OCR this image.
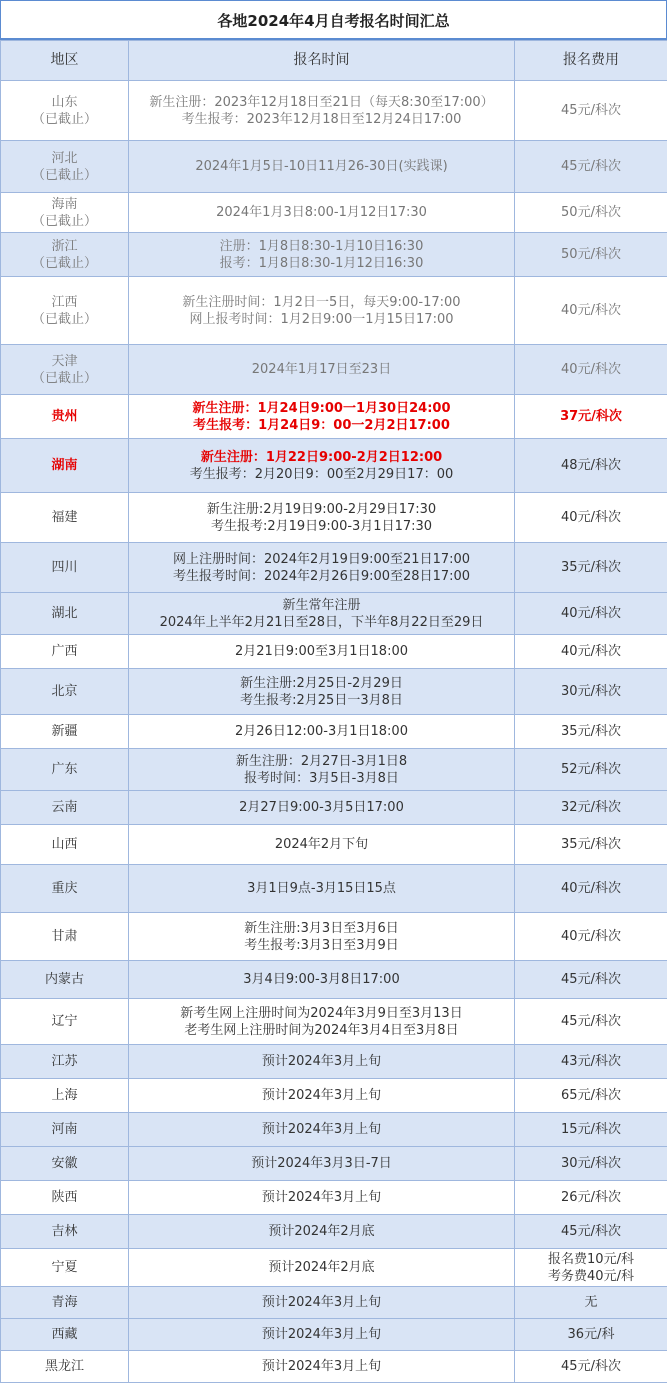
各地2024年4月自考报名时间汇总
地区	报名时间	报名费用

山东
（已截止）	新生注册：2023年12月18日至21日（每天8:30至17:00）
考生报考：2023年12月18日至12月24日17:00	45元/科次

河北
（已截止）	2024年1月5日-10日11月26-30日(实践课)	45元/科次

海南
（已截止）	2024年1月3日8:00-1月12日17:30	50元/科次

浙江
（已截止）	注册：1月8日8:30-1月10日16:30
报考：1月8日8:30-1月12日16:30	50元/科次

江西
（已截止）	新生注册时间：1月2日一5日，每天9:00-17:00
网上报考时间：1月2日9:00一1月15日17:00	40元/科次

天津
（已截止）	2024年1月17日至23日	40元/科次
贵州	新生注册：1月24日9:00一1月30日24:00
考生报考：1月24日9：00一2月2日17:00	37元/科次
湖南	新生注册：1月22日9:00-2月2日12:00
考生报考：2月20日9：00至2月29日17：00	48元/科次
福建	新生注册:2月19日9:00-2月29日17:30
考生报考:2月19日9:00-3月1日17:30	40元/科次
四川	网上注册时间：2024年2月19日9:00至21日17:00
考生报考时间：2024年2月26日9:00至28日17:00	35元/科次
湖北	新生常年注册
2024年上半年2月21日至28日，下半年8月22日至29日	40元/科次
广西	2月21日9:00至3月1日18:00	40元/科次
北京	新生注册:2月25日-2月29日
考生报考:2月25日一3月8日	30元/科次
新疆	2月26日12:00-3月1日18:00	35元/科次
广东	新生注册：2月27日-3月1日8
报考时间：3月5日-3月8日	52元/科次
云南	2月27日9:00-3月5日17:00	32元/科次
山西	2024年2月下旬	35元/科次
重庆	3月1日9点-3月15日15点	40元/科次
甘肃	新生注册:3月3日至3月6日
考生报考:3月3日至3月9日	40元/科次
内蒙古	3月4日9:00-3月8日17:00	45元/科次
辽宁	新考生网上注册时间为2024年3月9日至3月13日
老考生网上注册时间为2024年3月4日至3月8日	45元/科次
江苏	预计2024年3月上旬	43元/科次
上海	预计2024年3月上旬	65元/科次
河南	预计2024年3月上旬	15元/科次
安徽	预计2024年3月3日-7日	30元/科次
陕西	预计2024年3月上旬	26元/科次
吉林	预计2024年2月底	45元/科次
宁夏	预计2024年2月底	报名费10元/科
考务费40元/科

青海	预计2024年3月上旬	无
西藏	预计2024年3月上旬	36元/科
黑龙江	预计2024年3月上旬	45元/科次
